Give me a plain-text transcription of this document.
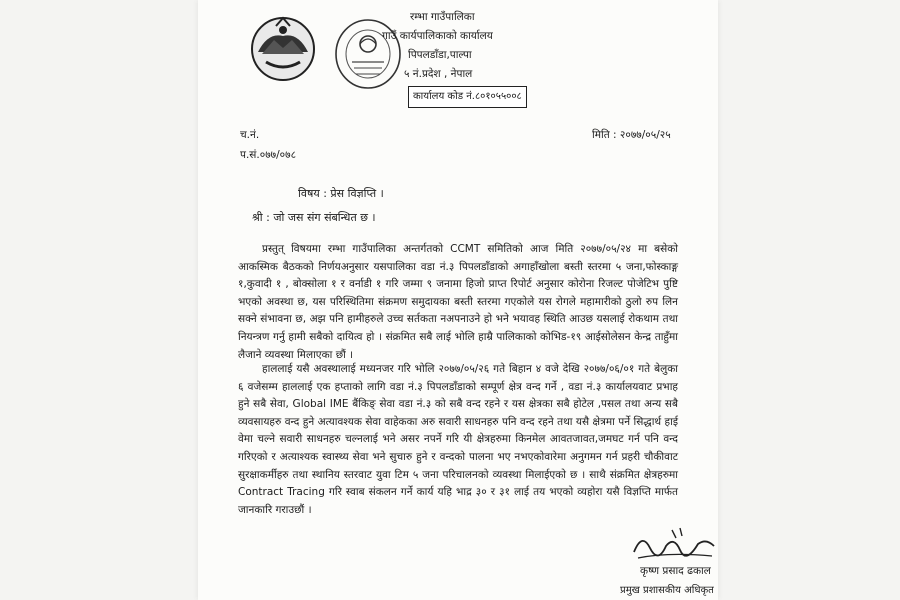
रम्भा गाउँपालिका
गाउँ कार्यपालिकाको कार्यालय
पिपलडाँडा,पाल्पा
५ नं.प्रदेश , नेपाल
कार्यालय कोड नं.८०१०५५००८
च.नं.
प.सं.०७७/०७८
मिति : २०७७/०५/२५
विषय : प्रेस विज्ञप्ति ।
श्री : जो जस संग संबन्धित छ ।
प्रस्तुत् विषयमा रम्भा गाउँपालिका अन्तर्गतको CCMT समितिको आज मिति २०७७/०५/२४ मा बसेको आकस्मिक बैठकको निर्णयअनुसार यसपालिका वडा नं.३ पिपलडाँडाको अगाहाँखोला बस्ती स्तरमा ५ जना,फोस्काङ्ग १,कुवादी १ , बोक्सोला १ र वर्नाडी १ गरि जम्मा ९ जनामा हिजो प्राप्त रिपोर्ट अनुसार कोरोना रिजल्ट पोजेटिभ पुष्टि भएको अवस्था छ, यस परिस्थितिमा संक्रमण समुदायका बस्ती स्तरमा गएकोले यस रोगले महामारीको ठुलो रुप लिन सक्ने संभावना छ, अझ पनि हामीहरुले उच्च सर्तकता नअपनाउने हो भने भयावह स्थिति आउछ यसलाई रोकथाम तथा नियन्त्रण गर्नु हामी सबैको दायित्व हो । संक्रमित सबै लाई भोलि हाम्रै पालिकाको कोभिड-१९ आईसोलेसन केन्द्र ताहुँमा लैजाने व्यवस्था मिलाएका छौं ।
हाललाई यसै अवस्थालाई मध्यनजर गरि भोलि २०७७/०५/२६ गते बिहान ४ वजे देखि २०७७/०६/०१ गते बेलुका ६ वजेसम्म हाललाई एक हप्ताको लागि वडा नं.३ पिपलडाँडाको सम्पूर्ण क्षेत्र वन्द गर्ने , वडा नं.३ कार्यालयवाट प्रभाह हुने सबै सेवा, Global IME बैंकिङ् सेवा वडा नं.३ को सबै वन्द रहने र यस क्षेत्रका सबै होटेल ,पसल तथा अन्य सबै व्यवसायहरु वन्द हुने अत्यावश्यक सेवा वाहेकका अरु सवारी साधनहरु पनि वन्द रहने तथा यसै क्षेत्रमा पर्ने सिद्धार्थ हाई वेमा चल्ने सवारी साधनहरु चल्नलाई भने असर नपर्ने गरि यी क्षेत्रहरुमा किनमेल आवतजावत,जमघट गर्न पनि वन्द गरिएको र अत्याश्यक स्वास्थ्य सेवा भने सुचारु हुने र वन्दको पालना भए नभएकोवारेमा अनुगमन गर्न प्रहरी चौकीवाट सुरक्षाकर्मीहरु तथा स्थानिय स्तरवाट युवा टिम ५ जना परिचालनको व्यवस्था मिलाईएको छ । साथै संक्रमित क्षेत्रहरुमा Contract Tracing गरि स्वाब संकलन गर्ने कार्य यहि भाद्र ३० र ३१ लाई तय भएको व्यहोरा यसै विज्ञप्ति मार्फत जानकारि गराउछौं ।
कृष्ण प्रसाद ढकाल
प्रमुख प्रशासकीय अधिकृत
